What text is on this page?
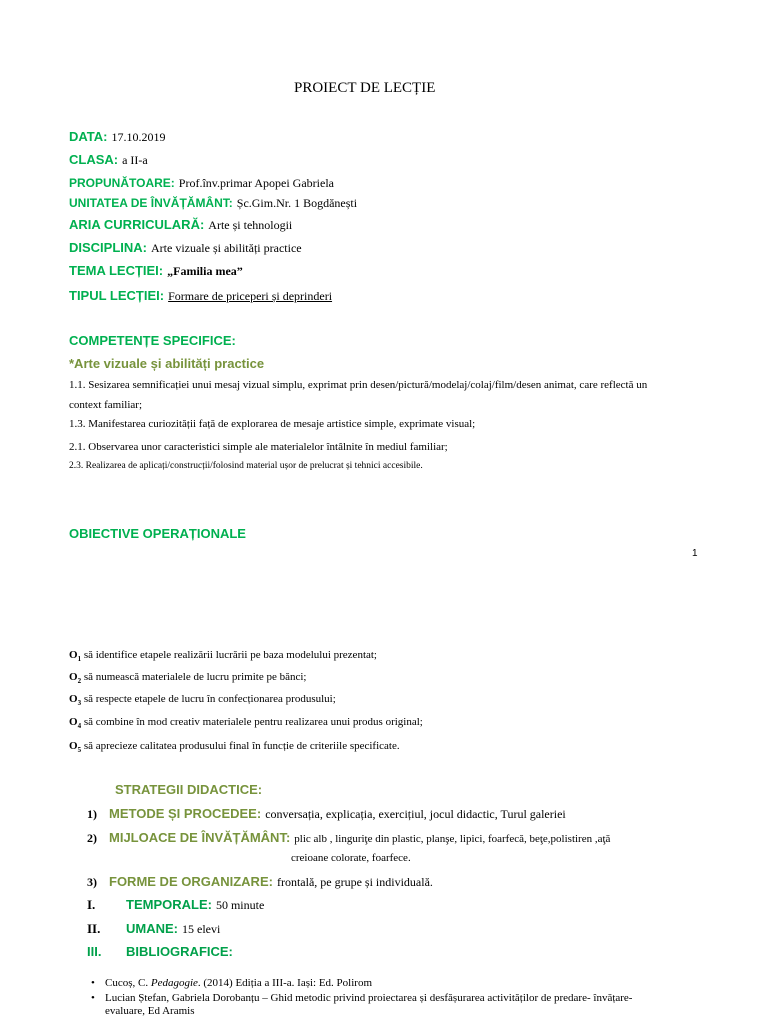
PROIECT DE LECȚIE
DATA: 17.10.2019
CLASA: a II-a
PROPUNĂTOARE: Prof.înv.primar Apopei Gabriela
UNITATEA DE ÎNVĂȚĂMÂNT: Șc.Gim.Nr. 1 Bogdănești
ARIA CURRICULARĂ: Arte și tehnologii
DISCIPLINA: Arte vizuale și abilități practice
TEMA LECȚIEI: „Familia mea”
TIPUL LECȚIEI: Formare de priceperi și deprinderi
COMPETENȚE SPECIFICE:
*Arte vizuale și abilități practice
1.1. Sesizarea semnificației unui mesaj vizual simplu, exprimat prin desen/pictură/modelaj/colaj/film/desen animat, care reflectă un
context familiar;
1.3. Manifestarea curiozității față de explorarea de mesaje artistice simple, exprimate visual;
2.1. Observarea unor caracteristici simple ale materialelor întâlnite în mediul familiar;
2.3. Realizarea de aplicați/construcții/folosind material ușor de prelucrat și tehnici accesibile.
OBIECTIVE OPERAȚIONALE
1
$O_1$ să identifice etapele realizării lucrării pe baza modelului prezentat;
$O_2$ să numească materialele de lucru primite pe bănci;
$O_3$ să respecte etapele de lucru în confecționarea produsului;
$O_4$ să combine în mod creativ materialele pentru realizarea unui produs original;
$O_5$ să aprecieze calitatea produsului final în funcție de criteriile specificate.
STRATEGII DIDACTICE:
1) METODE ȘI PROCEDEE: conversația, explicația, exercițiul, jocul didactic, Turul galeriei
2) MIJLOACE DE ÎNVĂȚĂMÂNT: plic alb , linguriţe din plastic, planşe, lipici, foarfecă, beţe,polistiren ,aţă
creioane colorate, foarfece.
3) FORME DE ORGANIZARE: frontală, pe grupe și individuală.
I. TEMPORALE: 50 minute
II. UMANE: 15 elevi
III. BIBLIOGRAFICE:
• Cucoș, C. Pedagogie. (2014) Ediția a III-a. Iași: Ed. Polirom
• Lucian Ștefan, Gabriela Dorobanțu – Ghid metodic privind proiectarea și desfășurarea activităților de predare- învățare-
evaluare, Ed Aramis
